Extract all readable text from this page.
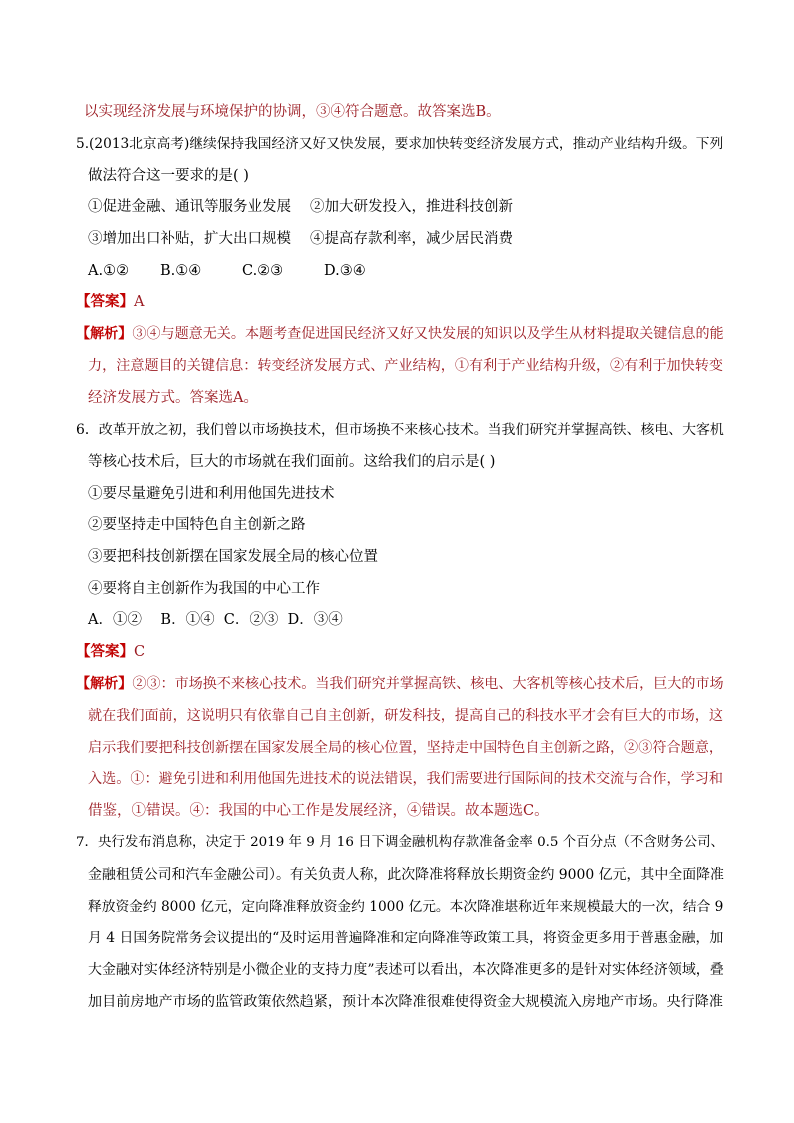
以实现经济发展与环境保护的协调，③④符合题意。故答案选B。
5.(2013北京高考)继续保持我国经济又好又快发展，要求加快转变经济发展方式，推动产业结构升级。下列
做法符合这一要求的是( )
①促进金融、通讯等服务业发展 ②加大研发投入，推进科技创新
③增加出口补贴，扩大出口规模 ④提高存款利率，减少居民消费
A.①② B.①④	C.②③	D.③④
【答案】A
【解析】③④与题意无关。本题考查促进国民经济又好又快发展的知识以及学生从材料提取关键信息的能
力，注意题目的关键信息：转变经济发展方式、产业结构，①有利于产业结构升级，②有利于加快转变
经济发展方式。答案选A。
6．改革开放之初，我们曾以市场换技术，但市场换不来核心技术。当我们研究并掌握高铁、核电、大客机
等核心技术后，巨大的市场就在我们面前。这给我们的启示是( )
①要尽量避免引进和利用他国先进技术
②要坚持走中国特色自主创新之路
③要把科技创新摆在国家发展全局的核心位置
④要将自主创新作为我国的中心工作
A．①②    B．①④  C．②③  D．③④
【答案】C
【解析】②③：市场换不来核心技术。当我们研究并掌握高铁、核电、大客机等核心技术后，巨大的市场
就在我们面前，这说明只有依靠自己自主创新，研发科技，提高自己的科技水平才会有巨大的市场，这
启示我们要把科技创新摆在国家发展全局的核心位置，坚持走中国特色自主创新之路，②③符合题意，
入选。①：避免引进和利用他国先进技术的说法错误，我们需要进行国际间的技术交流与合作，学习和
借鉴，①错误。④：我国的中心工作是发展经济，④错误。故本题选C。
7．央行发布消息称，决定于 2019 年 9 月 16 日下调金融机构存款准备金率 0.5 个百分点（不含财务公司、
金融租赁公司和汽车金融公司）。有关负责人称，此次降准将释放长期资金约 9000 亿元，其中全面降准
释放资金约 8000 亿元，定向降准释放资金约 1000 亿元。本次降准堪称近年来规模最大的一次，结合 9
月 4 日国务院常务会议提出的“及时运用普遍降准和定向降准等政策工具，将资金更多用于普惠金融，加
大金融对实体经济特别是小微企业的支持力度”表述可以看出，本次降准更多的是针对实体经济领域，叠
加目前房地产市场的监管政策依然趋紧，预计本次降准很难使得资金大规模流入房地产市场。央行降准
